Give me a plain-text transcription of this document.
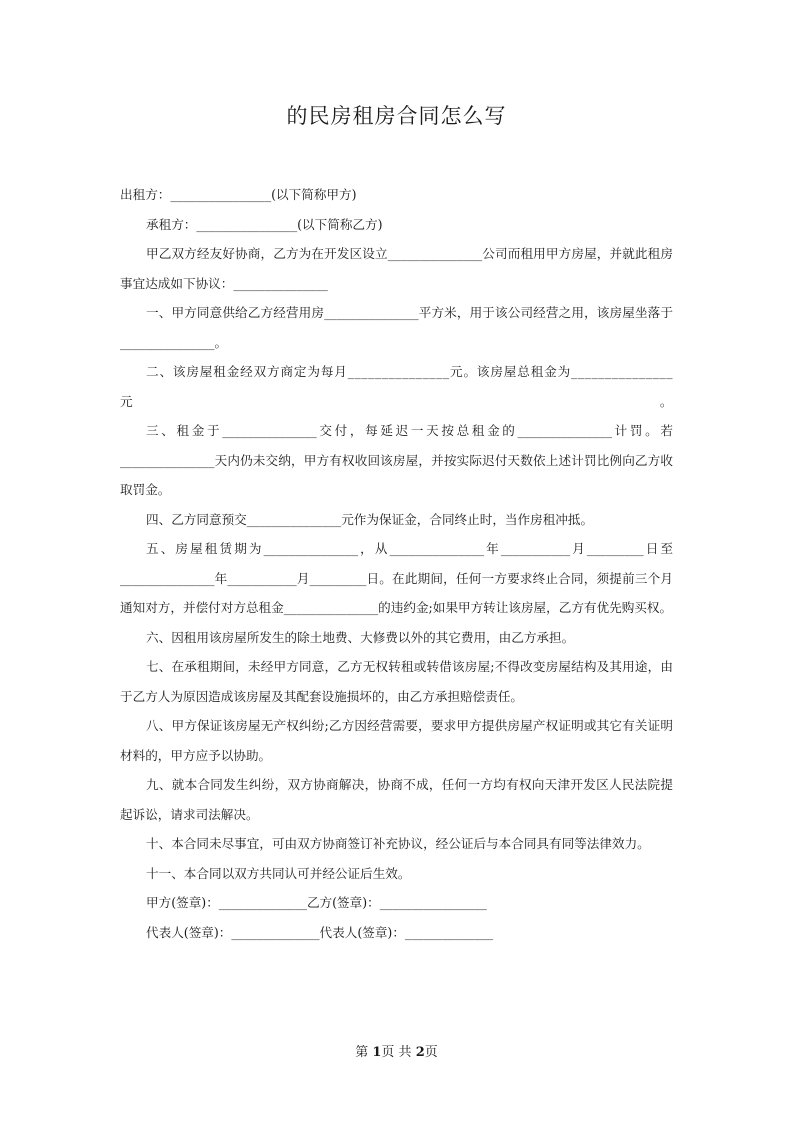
的民房租房合同怎么写

出租方：________________(以下简称甲方)

承租方：________________(以下简称乙方)

甲乙双方经友好协商，乙方为在开发区设立_______________公司而租用甲方房屋，并就此租房事宜达成如下协议：_______________

一、甲方同意供给乙方经营用房_______________平方米，用于该公司经营之用，该房屋坐落于_______________。

二、该房屋租金经双方商定为每月_______________元。该房屋总租金为_______________元。

三、租金于_______________交付，每延迟一天按总租金的_______________计罚。若_______________天内仍未交纳，甲方有权收回该房屋，并按实际迟付天数依上述计罚比例向乙方收取罚金。

四、乙方同意预交_______________元作为保证金，合同终止时，当作房租冲抵。

五、房屋租赁期为_______________，从_______________年___________月_________日至_______________年___________月_________日。在此期间，任何一方要求终止合同，须提前三个月通知对方，并偿付对方总租金_______________的违约金;如果甲方转让该房屋，乙方有优先购买权。

六、因租用该房屋所发生的除土地费、大修费以外的其它费用，由乙方承担。

七、在承租期间，未经甲方同意，乙方无权转租或转借该房屋;不得改变房屋结构及其用途，由于乙方人为原因造成该房屋及其配套设施损坏的，由乙方承担赔偿责任。

八、甲方保证该房屋无产权纠纷;乙方因经营需要，要求甲方提供房屋产权证明或其它有关证明材料的，甲方应予以协助。

九、就本合同发生纠纷，双方协商解决，协商不成，任何一方均有权向天津开发区人民法院提起诉讼，请求司法解决。

十、本合同未尽事宜，可由双方协商签订补充协议，经公证后与本合同具有同等法律效力。

十一、本合同以双方共同认可并经公证后生效。

甲方(签章)：______________乙方(签章)：_________________

代表人(签章)：______________代表人(签章)：______________

第 1页 共 2页
